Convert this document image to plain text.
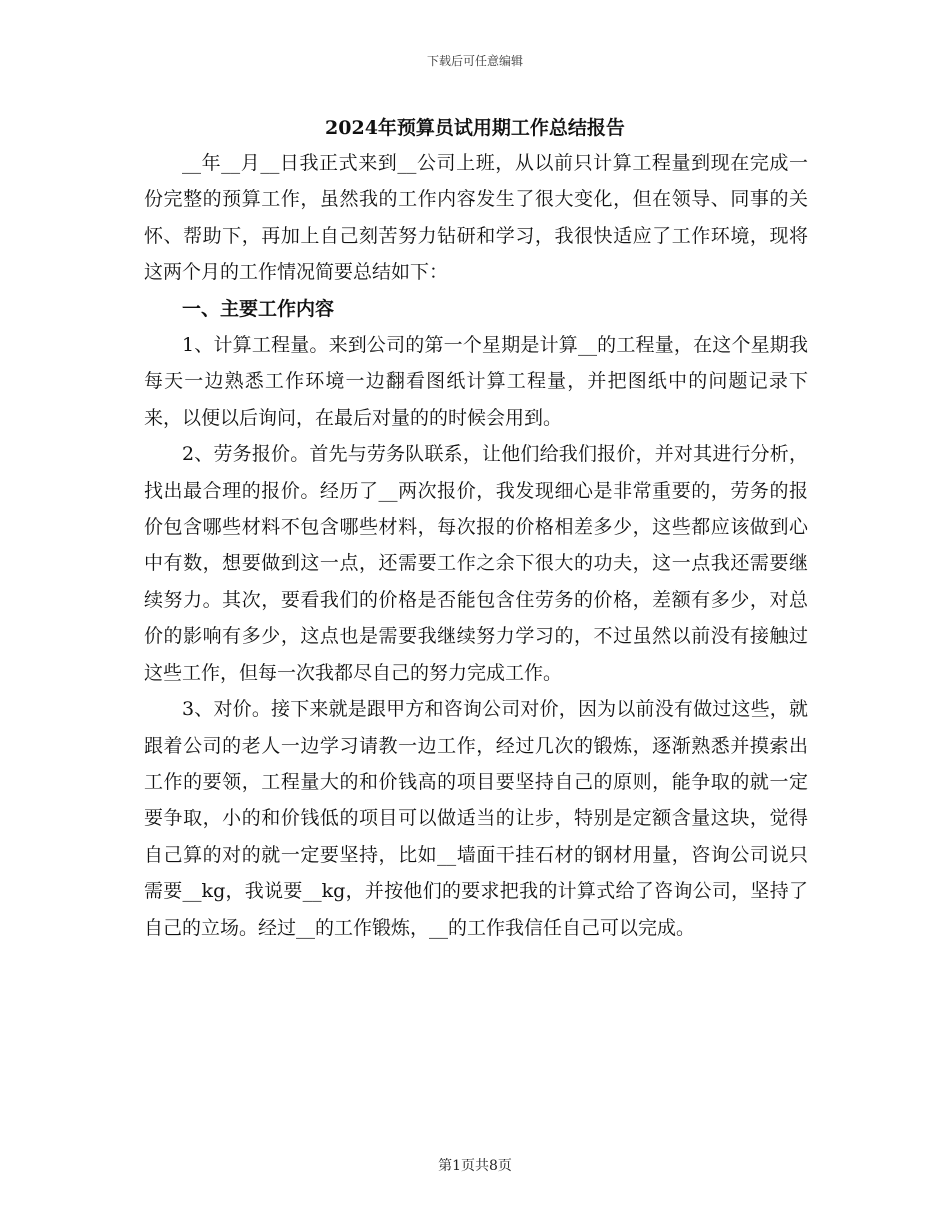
下载后可任意编辑
2024年预算员试用期工作总结报告

__年__月__日我正式来到__公司上班，从以前只计算工程量到现在完成一份完整的预算工作，虽然我的工作内容发生了很大变化，但在领导、同事的关怀、帮助下，再加上自己刻苦努力钻研和学习，我很快适应了工作环境，现将这两个月的工作情况简要总结如下：

一、主要工作内容

1、计算工程量。来到公司的第一个星期是计算__的工程量，在这个星期我每天一边熟悉工作环境一边翻看图纸计算工程量，并把图纸中的问题记录下来，以便以后询问，在最后对量的的时候会用到。

2、劳务报价。首先与劳务队联系，让他们给我们报价，并对其进行分析，找出最合理的报价。经历了__两次报价，我发现细心是非常重要的，劳务的报价包含哪些材料不包含哪些材料，每次报的价格相差多少，这些都应该做到心中有数，想要做到这一点，还需要工作之余下很大的功夫，这一点我还需要继续努力。其次，要看我们的价格是否能包含住劳务的价格，差额有多少，对总价的影响有多少，这点也是需要我继续努力学习的，不过虽然以前没有接触过这些工作，但每一次我都尽自己的努力完成工作。

3、对价。接下来就是跟甲方和咨询公司对价，因为以前没有做过这些，就跟着公司的老人一边学习请教一边工作，经过几次的锻炼，逐渐熟悉并摸索出工作的要领，工程量大的和价钱高的项目要坚持自己的原则，能争取的就一定要争取，小的和价钱低的项目可以做适当的让步，特别是定额含量这块，觉得自己算的对的就一定要坚持，比如__墙面干挂石材的钢材用量，咨询公司说只需要__kg，我说要__kg，并按他们的要求把我的计算式给了咨询公司，坚持了自己的立场。经过__的工作锻炼，__的工作我信任自己可以完成。

第1页共8页
